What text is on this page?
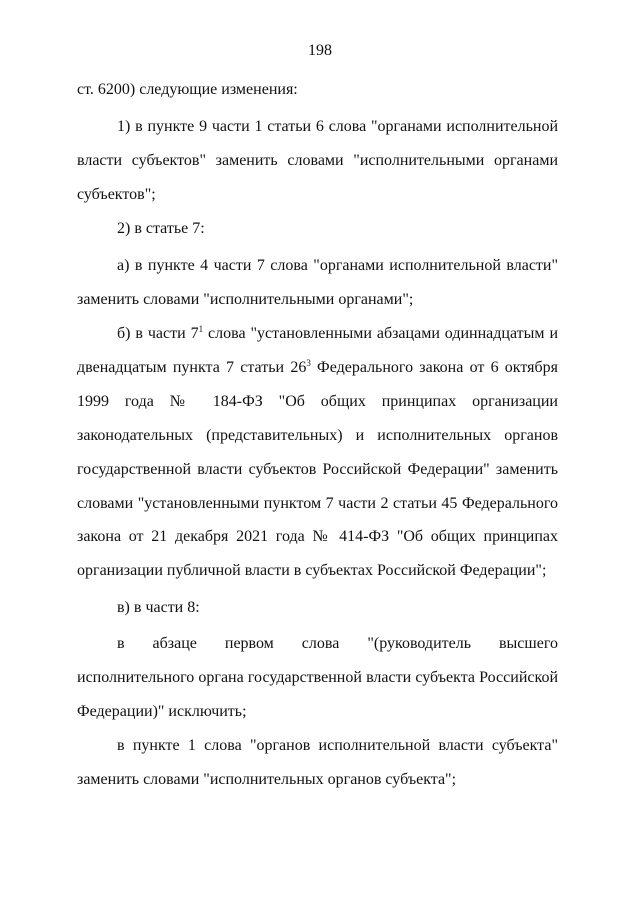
198

ст. 6200) следующие изменения:

1) в пункте 9 части 1 статьи 6 слова "органами исполнительной власти субъектов" заменить словами "исполнительными органами субъектов";

2) в статье 7:

а) в пункте 4 части 7 слова "органами исполнительной власти" заменить словами "исполнительными органами";

б) в части $7^1$ слова "установленными абзацами одиннадцатым и двенадцатым пункта 7 статьи $26^3$ Федерального закона от 6 октября 1999 года № 184-ФЗ "Об общих принципах организации законодательных (представительных) и исполнительных органов государственной власти субъектов Российской Федерации" заменить словами "установленными пунктом 7 части 2 статьи 45 Федерального закона от 21 декабря 2021 года № 414-ФЗ "Об общих принципах организации публичной власти в субъектах Российской Федерации";

в) в части 8:

в абзаце первом слова "(руководитель высшего исполнительного органа государственной власти субъекта Российской Федерации)" исключить;

в пункте 1 слова "органов исполнительной власти субъекта" заменить словами "исполнительных органов субъекта";
